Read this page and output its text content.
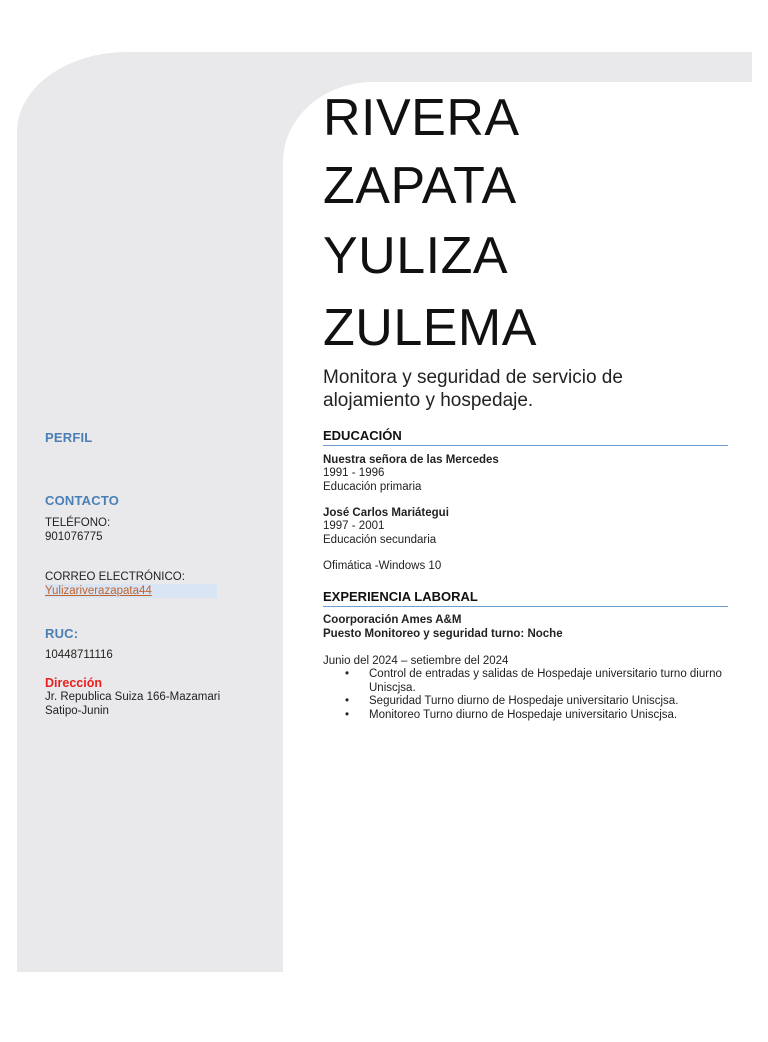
PERFIL

CONTACTO

TELÉFONO:

901076775

CORREO ELECTRÓNICO:

Yulizariverazapata44

RUC:

10448711116

Dirección

Jr. Republica Suiza 166-Mazamari

Satipo-Junin

RIVERA

ZAPATA

YULIZA

ZULEMA

Monitora y seguridad de servicio de alojamiento y hospedaje.

EDUCACIÓN

Nuestra señora de las Mercedes

1991 - 1996

Educación primaria

José Carlos Mariátegui

1997 - 2001

Educación secundaria

Ofimática -Windows 10

EXPERIENCIA LABORAL

Coorporación Ames A&M

Puesto Monitoreo y seguridad turno: Noche

Junio del 2024 – setiembre del 2024

• Control de entradas y salidas de Hospedaje universitario turno diurno Uniscjsa.
• Seguridad Turno diurno de Hospedaje universitario Uniscjsa.
• Monitoreo Turno diurno de Hospedaje universitario Uniscjsa.
